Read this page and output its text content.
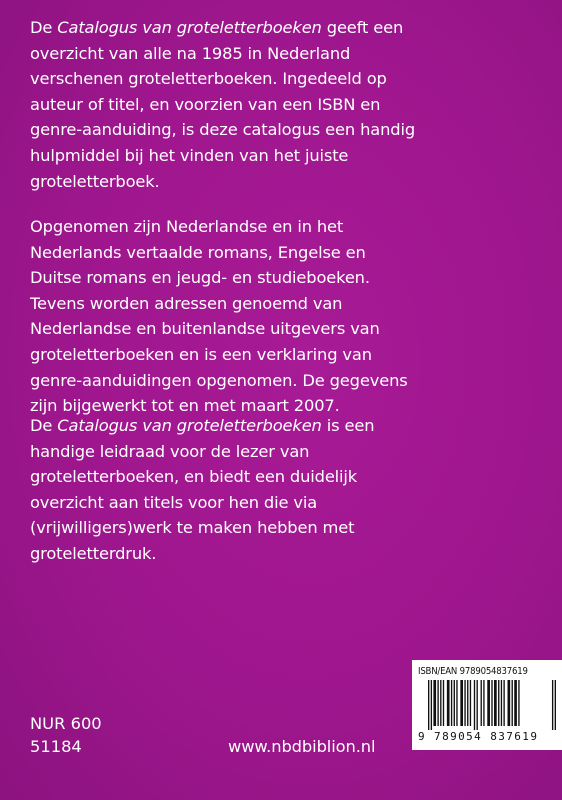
De Catalogus van groteletterboeken geeft een
overzicht van alle na 1985 in Nederland
verschenen groteletterboeken. Ingedeeld op
auteur of titel, en voorzien van een ISBN en
genre-aanduiding, is deze catalogus een handig
hulpmiddel bij het vinden van het juiste
groteletterboek.
Opgenomen zijn Nederlandse en in het
Nederlands vertaalde romans, Engelse en
Duitse romans en jeugd- en studieboeken.
Tevens worden adressen genoemd van
Nederlandse en buitenlandse uitgevers van
groteletterboeken en is een verklaring van
genre-aanduidingen opgenomen. De gegevens
zijn bijgewerkt tot en met maart 2007.
De Catalogus van groteletterboeken is een
handige leidraad voor de lezer van
groteletterboeken, en biedt een duidelijk
overzicht aan titels voor hen die via
(vrijwilligers)werk te maken hebben met
groteletterdruk.
NUR 600
51184	www.nbdbiblion.nl
ISBN/EAN 9789054837619
9 789054 837619
